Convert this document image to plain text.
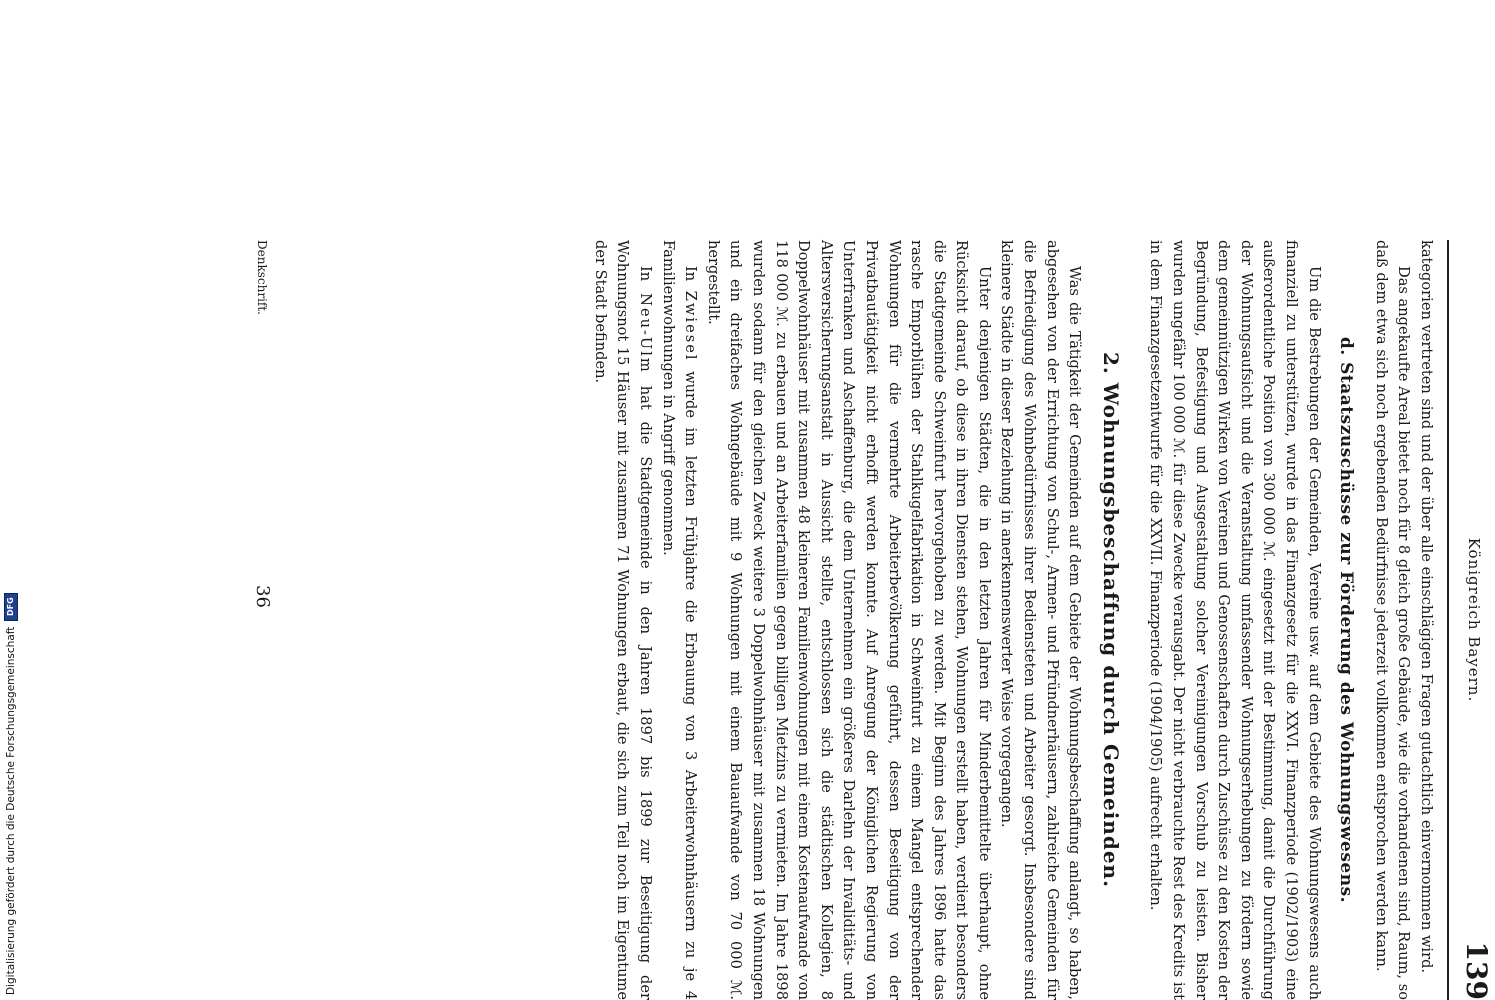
Königreich Bayern.
139

kategorien vertreten sind und der über alle einschlägigen Fragen gutachtlich einvernommen wird.

Das angekaufte Areal bietet noch für 8 gleich große Gebäude, wie die vorhandenen sind, Raum, so daß dem etwa sich noch ergebenden Bedürfnisse jederzeit vollkommen entsprochen werden kann.

d. Staatszuschüsse zur Förderung des Wohnungswesens.

Um die Bestrebungen der Gemeinden, Vereine usw. auf dem Gebiete des Wohnungswesens auch finanziell zu unterstützen, wurde in das Finanzgesetz für die XXVI. Finanzperiode (1902/1903) eine außerordentliche Position von 300 000 ℳ. eingesetzt mit der Bestimmung, damit die Durchführung der Wohnungsaufsicht und die Veranstaltung umfassender Wohnungserhebungen zu fördern sowie dem gemeinnützigen Wirken von Vereinen und Genossenschaften durch Zuschüsse zu den Kosten der Begründung, Befestigung und Ausgestaltung solcher Vereinigungen Vorschub zu leisten. Bisher wurden ungefähr 100 000 ℳ. für diese Zwecke verausgabt. Der nicht verbrauchte Rest des Kredits ist in dem Finanzgesetzentwurfe für die XXVII. Finanzperiode (1904/1905) aufrecht erhalten.

2. Wohnungsbeschaffung durch Gemeinden.

Was die Tätigkeit der Gemeinden auf dem Gebiete der Wohnungsbeschaffung anlangt, so haben, abgesehen von der Errichtung von Schul-, Armen- und Pfründnerhäusern, zahlreiche Gemeinden für die Befriedigung des Wohnbedürfnisses ihrer Bediensteten und Arbeiter gesorgt. Insbesondere sind kleinere Städte in dieser Beziehung in anerkennenswerter Weise vorgegangen.

Unter denjenigen Städten, die in den letzten Jahren für Minderbemittelte überhaupt, ohne Rücksicht darauf, ob diese in ihren Diensten stehen, Wohnungen erstellt haben, verdient besonders die Stadtgemeinde Schweinfurt hervorgehoben zu werden. Mit Beginn des Jahres 1896 hatte das rasche Emporblühen der Stahlkugelfabrikation in Schweinfurt zu einem Mangel entsprechender Wohnungen für die vermehrte Arbeiterbevölkerung geführt, dessen Beseitigung von der Privatbautätigkeit nicht erhofft werden konnte. Auf Anregung der Königlichen Regierung von Unterfranken und Aschaffenburg, die dem Unternehmen ein größeres Darlehn der Invaliditäts- und Altersversicherungsanstalt in Aussicht stellte, entschlossen sich die städtischen Kollegien, 8 Doppelwohnhäuser mit zusammen 48 kleineren Familienwohnungen mit einem Kostenaufwande von 118 000 ℳ. zu erbauen und an Arbeiterfamilien gegen billigen Mietzins zu vermieten. Im Jahre 1898 wurden sodann für den gleichen Zweck weitere 3 Doppelwohnhäuser mit zusammen 18 Wohnungen und ein dreifaches Wohngebäude mit 9 Wohnungen mit einem Bauaufwande von 70 000 ℳ. hergestellt.

In Zwiesel wurde im letzten Frühjahre die Erbauung von 3 Arbeiterwohnhäusern zu je 4 Familienwohnungen in Angriff genommen.

In Neu-Ulm hat die Stadtgemeinde in den Jahren 1897 bis 1899 zur Beseitigung der Wohnungsnot 15 Häuser mit zusammen 71 Wohnungen erbaut, die sich zum Teil noch im Eigentume der Stadt befinden.

Denkschrift.
36
Digitalisierung gefördert durch die Deutsche Forschungsgemeinschaft
DFG
